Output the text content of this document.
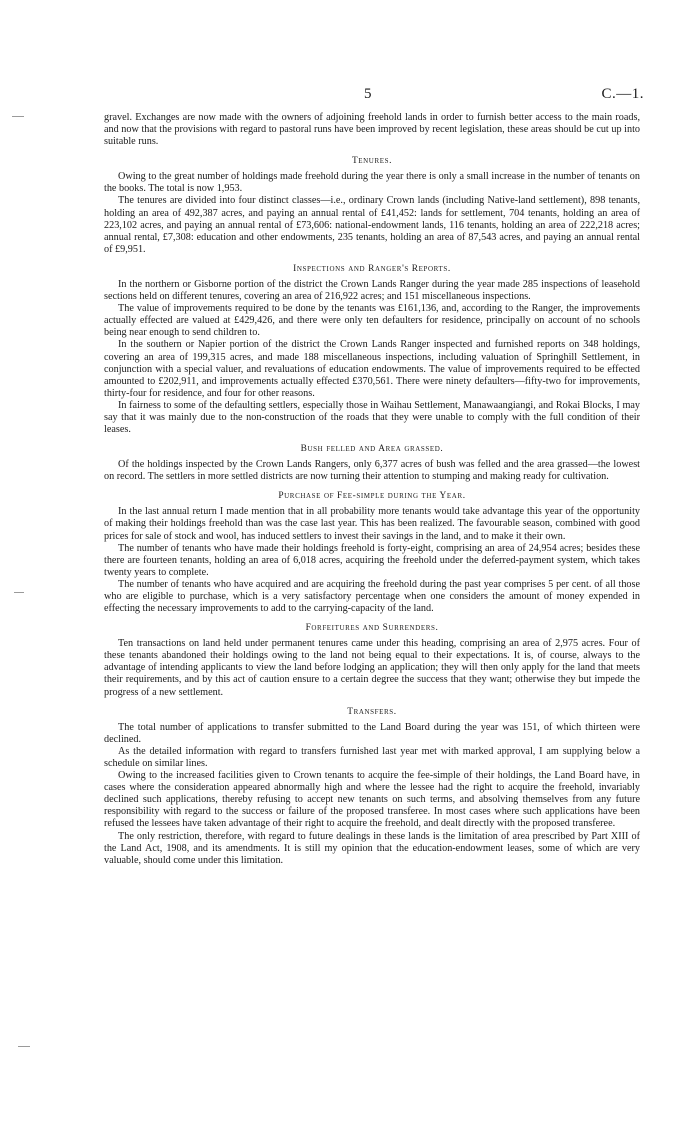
5	C.—1.

gravel. Exchanges are now made with the owners of adjoining freehold lands in order to furnish better access to the main roads, and now that the provisions with regard to pastoral runs have been improved by recent legislation, these areas should be cut up into suitable runs.

Tenures.

Owing to the great number of holdings made freehold during the year there is only a small increase in the number of tenants on the books. The total is now 1,953.

The tenures are divided into four distinct classes—i.e., ordinary Crown lands (including Native-land settlement), 898 tenants, holding an area of 492,387 acres, and paying an annual rental of £41,452: lands for settlement, 704 tenants, holding an area of 223,102 acres, and paying an annual rental of £73,606: national-endowment lands, 116 tenants, holding an area of 222,218 acres; annual rental, £7,308: education and other endowments, 235 tenants, holding an area of 87,543 acres, and paying an annual rental of £9,951.

Inspections and Ranger's Reports.

In the northern or Gisborne portion of the district the Crown Lands Ranger during the year made 285 inspections of leasehold sections held on different tenures, covering an area of 216,922 acres; and 151 miscellaneous inspections.

The value of improvements required to be done by the tenants was £161,136, and, according to the Ranger, the improvements actually effected are valued at £429,426, and there were only ten defaulters for residence, principally on account of no schools being near enough to send children to.

In the southern or Napier portion of the district the Crown Lands Ranger inspected and furnished reports on 348 holdings, covering an area of 199,315 acres, and made 188 miscellaneous inspections, including valuation of Springhill Settlement, in conjunction with a special valuer, and revaluations of education endowments. The value of improvements required to be effected amounted to £202,911, and improvements actually effected £370,561. There were ninety defaulters—fifty-two for improvements, thirty-four for residence, and four for other reasons.

In fairness to some of the defaulting settlers, especially those in Waihau Settlement, Manawaangiangi, and Rokai Blocks, I may say that it was mainly due to the non-construction of the roads that they were unable to comply with the full condition of their leases.

Bush felled and Area grassed.

Of the holdings inspected by the Crown Lands Rangers, only 6,377 acres of bush was felled and the area grassed—the lowest on record. The settlers in more settled districts are now turning their attention to stumping and making ready for cultivation.

Purchase of Fee-simple during the Year.

In the last annual return I made mention that in all probability more tenants would take advantage this year of the opportunity of making their holdings freehold than was the case last year. This has been realized. The favourable season, combined with good prices for sale of stock and wool, has induced settlers to invest their savings in the land, and to make it their own.

The number of tenants who have made their holdings freehold is forty-eight, comprising an area of 24,954 acres; besides these there are fourteen tenants, holding an area of 6,018 acres, acquiring the freehold under the deferred-payment system, which takes twenty years to complete.

The number of tenants who have acquired and are acquiring the freehold during the past year comprises 5 per cent. of all those who are eligible to purchase, which is a very satisfactory percentage when one considers the amount of money expended in effecting the necessary improvements to add to the carrying-capacity of the land.

Forfeitures and Surrenders.

Ten transactions on land held under permanent tenures came under this heading, comprising an area of 2,975 acres. Four of these tenants abandoned their holdings owing to the land not being equal to their expectations. It is, of course, always to the advantage of intending applicants to view the land before lodging an application; they will then only apply for the land that meets their requirements, and by this act of caution ensure to a certain degree the success that they want; otherwise they but impede the progress of a new settlement.

Transfers.

The total number of applications to transfer submitted to the Land Board during the year was 151, of which thirteen were declined.

As the detailed information with regard to transfers furnished last year met with marked approval, I am supplying below a schedule on similar lines.

Owing to the increased facilities given to Crown tenants to acquire the fee-simple of their holdings, the Land Board have, in cases where the consideration appeared abnormally high and where the lessee had the right to acquire the freehold, invariably declined such applications, thereby refusing to accept new tenants on such terms, and absolving themselves from any future responsibility with regard to the success or failure of the proposed transferee. In most cases where such applications have been refused the lessees have taken advantage of their right to acquire the freehold, and dealt directly with the proposed transferee.

The only restriction, therefore, with regard to future dealings in these lands is the limitation of area prescribed by Part XIII of the Land Act, 1908, and its amendments. It is still my opinion that the education-endowment leases, some of which are very valuable, should come under this limitation.
